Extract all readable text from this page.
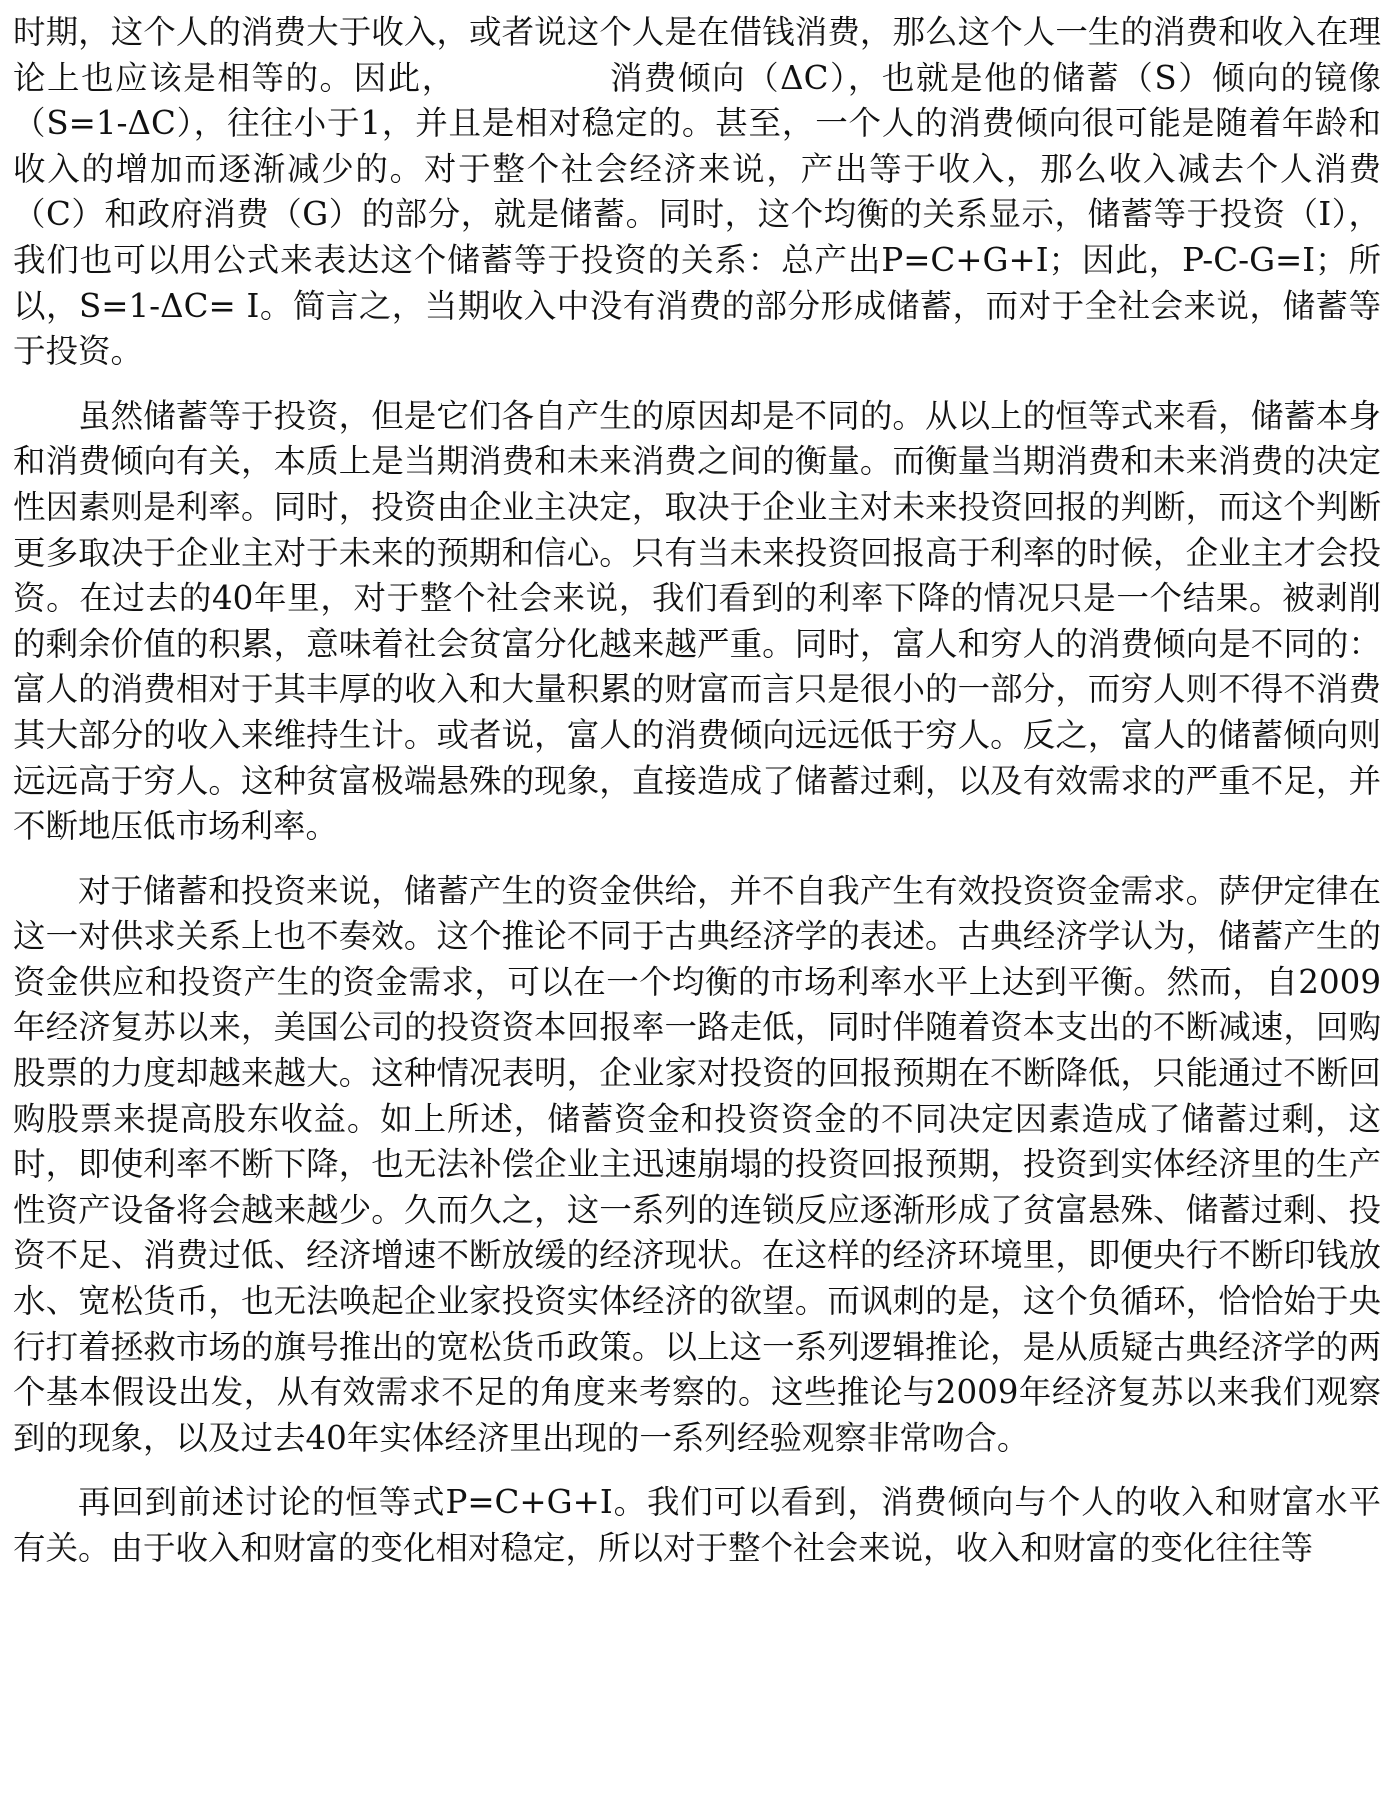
时期，这个人的消费大于收入，或者说这个人是在借钱消费，那么这个人一生的消费和收入在理论上也应该是相等的。因此，　　　　　消费倾向（ΔC），也就是他的储蓄（S）倾向的镜像（S=1-ΔC），往往小于1，并且是相对稳定的。甚至，一个人的消费倾向很可能是随着年龄和收入的增加而逐渐减少的。对于整个社会经济来说，产出等于收入，那么收入减去个人消费（C）和政府消费（G）的部分，就是储蓄。同时，这个均衡的关系显示，储蓄等于投资（I），我们也可以用公式来表达这个储蓄等于投资的关系：总产出P=C+G+I；因此，P-C-G=I；所以，S=1-ΔC= I。简言之，当期收入中没有消费的部分形成储蓄，而对于全社会来说，储蓄等于投资。

虽然储蓄等于投资，但是它们各自产生的原因却是不同的。从以上的恒等式来看，储蓄本身和消费倾向有关，本质上是当期消费和未来消费之间的衡量。而衡量当期消费和未来消费的决定性因素则是利率。同时，投资由企业主决定，取决于企业主对未来投资回报的判断，而这个判断更多取决于企业主对于未来的预期和信心。只有当未来投资回报高于利率的时候，企业主才会投资。在过去的40年里，对于整个社会来说，我们看到的利率下降的情况只是一个结果。被剥削的剩余价值的积累，意味着社会贫富分化越来越严重。同时，富人和穷人的消费倾向是不同的：富人的消费相对于其丰厚的收入和大量积累的财富而言只是很小的一部分，而穷人则不得不消费其大部分的收入来维持生计。或者说，富人的消费倾向远远低于穷人。反之，富人的储蓄倾向则远远高于穷人。这种贫富极端悬殊的现象，直接造成了储蓄过剩，以及有效需求的严重不足，并不断地压低市场利率。

对于储蓄和投资来说，储蓄产生的资金供给，并不自我产生有效投资资金需求。萨伊定律在这一对供求关系上也不奏效。这个推论不同于古典经济学的表述。古典经济学认为，储蓄产生的资金供应和投资产生的资金需求，可以在一个均衡的市场利率水平上达到平衡。然而，自2009年经济复苏以来，美国公司的投资资本回报率一路走低，同时伴随着资本支出的不断减速，回购股票的力度却越来越大。这种情况表明，企业家对投资的回报预期在不断降低，只能通过不断回购股票来提高股东收益。如上所述，储蓄资金和投资资金的不同决定因素造成了储蓄过剩，这时，即使利率不断下降，也无法补偿企业主迅速崩塌的投资回报预期，投资到实体经济里的生产性资产设备将会越来越少。久而久之，这一系列的连锁反应逐渐形成了贫富悬殊、储蓄过剩、投资不足、消费过低、经济增速不断放缓的经济现状。在这样的经济环境里，即便央行不断印钱放水、宽松货币，也无法唤起企业家投资实体经济的欲望。而讽刺的是，这个负循环，恰恰始于央行打着拯救市场的旗号推出的宽松货币政策。以上这一系列逻辑推论，是从质疑古典经济学的两个基本假设出发，从有效需求不足的角度来考察的。这些推论与2009年经济复苏以来我们观察到的现象，以及过去40年实体经济里出现的一系列经验观察非常吻合。

再回到前述讨论的恒等式P=C+G+I。我们可以看到，消费倾向与个人的收入和财富水平有关。由于收入和财富的变化相对稳定，所以对于整个社会来说，收入和财富的变化往往等
